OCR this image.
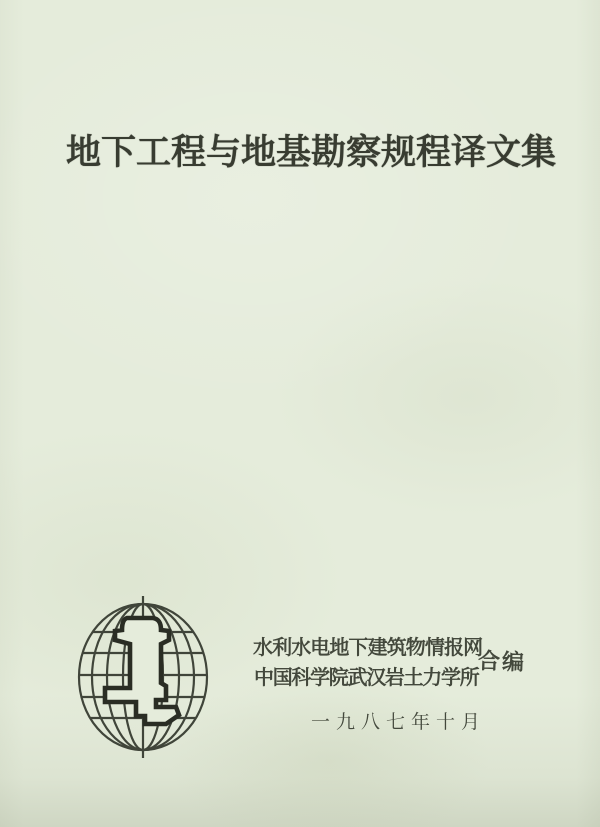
地下工程与地基勘察规程译文集
水利水电地下建筑物情报网
中国科学院武汉岩土力学所
合编
一九八七年十月
